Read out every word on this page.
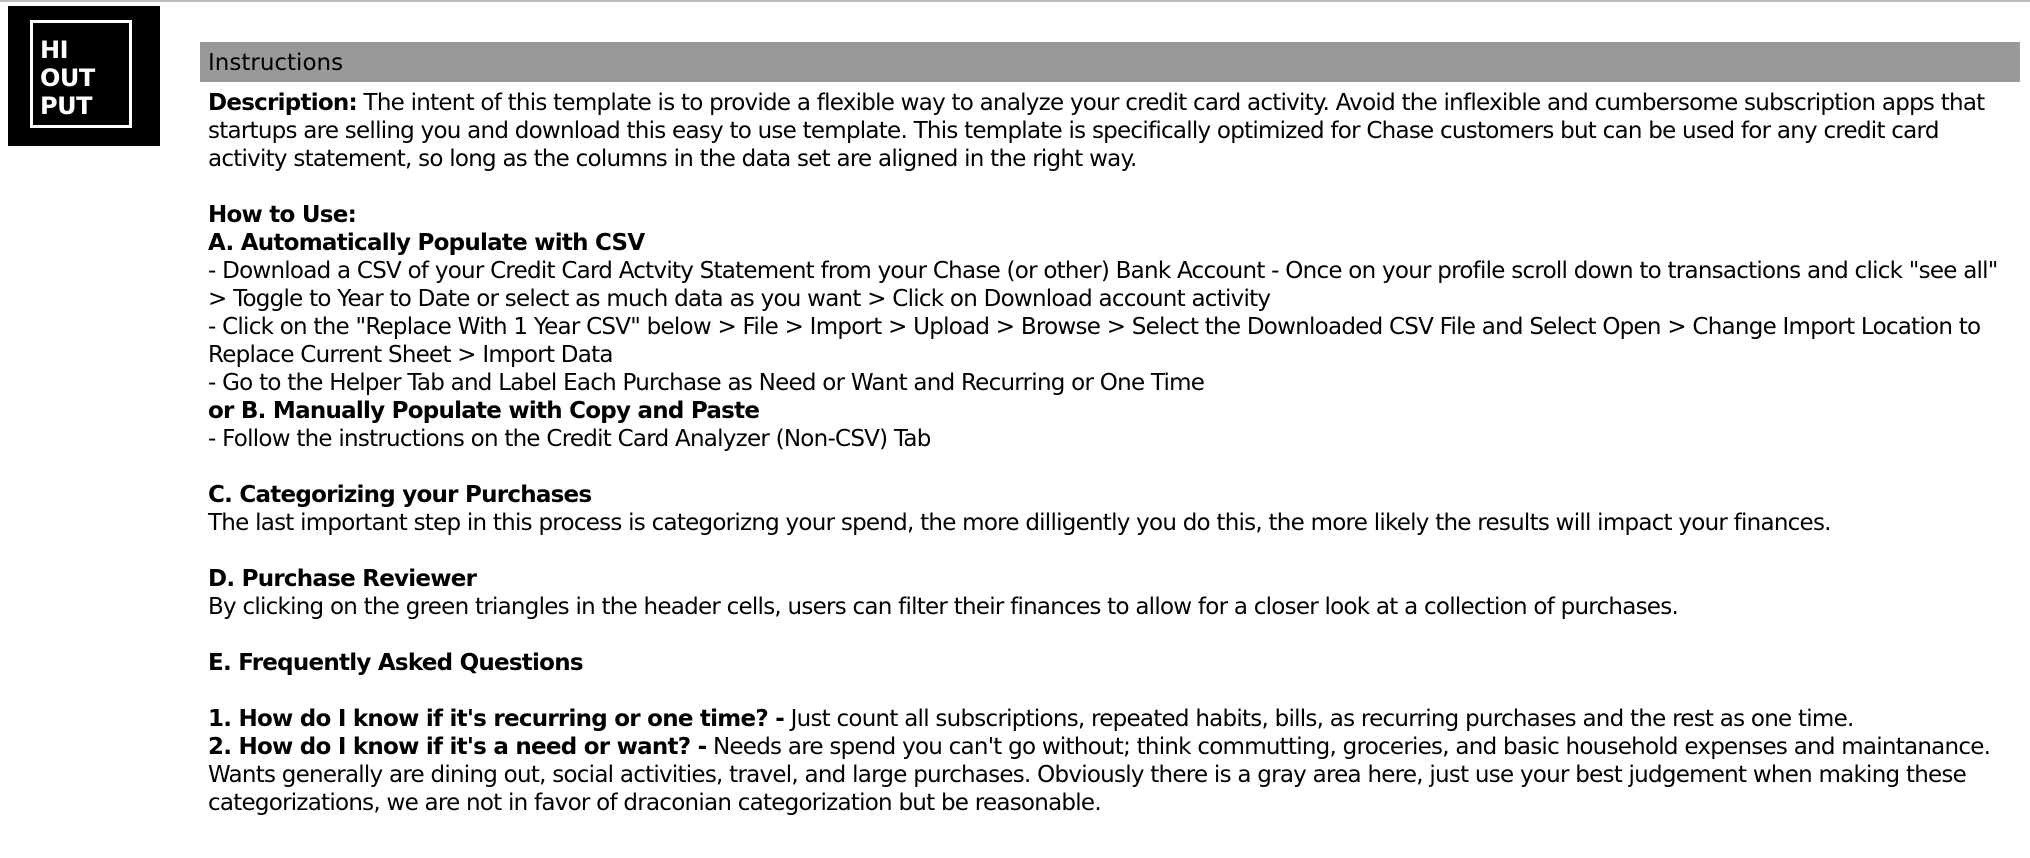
HI
OUT
PUT
Instructions

Description: The intent of this template is to provide a flexible way to analyze your credit card activity. Avoid the inflexible and cumbersome subscription apps that startups are selling you and download this easy to use template. This template is specifically optimized for Chase customers but can be used for any credit card activity statement, so long as the columns in the data set are aligned in the right way.

How to Use:

A. Automatically Populate with CSV

- Download a CSV of your Credit Card Actvity Statement from your Chase (or other) Bank Account - Once on your profile scroll down to transactions and click "see all" > Toggle to Year to Date or select as much data as you want > Click on Download account activity

- Click on the "Replace With 1 Year CSV" below > File > Import > Upload > Browse > Select the Downloaded CSV File and Select Open > Change Import Location to Replace Current Sheet > Import Data

- Go to the Helper Tab and Label Each Purchase as Need or Want and Recurring or One Time

or B. Manually Populate with Copy and Paste

- Follow the instructions on the Credit Card Analyzer (Non-CSV) Tab

C. Categorizing your Purchases

The last important step in this process is categorizng your spend, the more dilligently you do this, the more likely the results will impact your finances.

D. Purchase Reviewer

By clicking on the green triangles in the header cells, users can filter their finances to allow for a closer look at a collection of purchases.

E. Frequently Asked Questions

1. How do I know if it's recurring or one time? - Just count all subscriptions, repeated habits, bills, as recurring purchases and the rest as one time.

2. How do I know if it's a need or want? - Needs are spend you can't go without; think commutting, groceries, and basic household expenses and maintanance. Wants generally are dining out, social activities, travel, and large purchases. Obviously there is a gray area here, just use your best judgement when making these categorizations, we are not in favor of draconian categorization but be reasonable.
